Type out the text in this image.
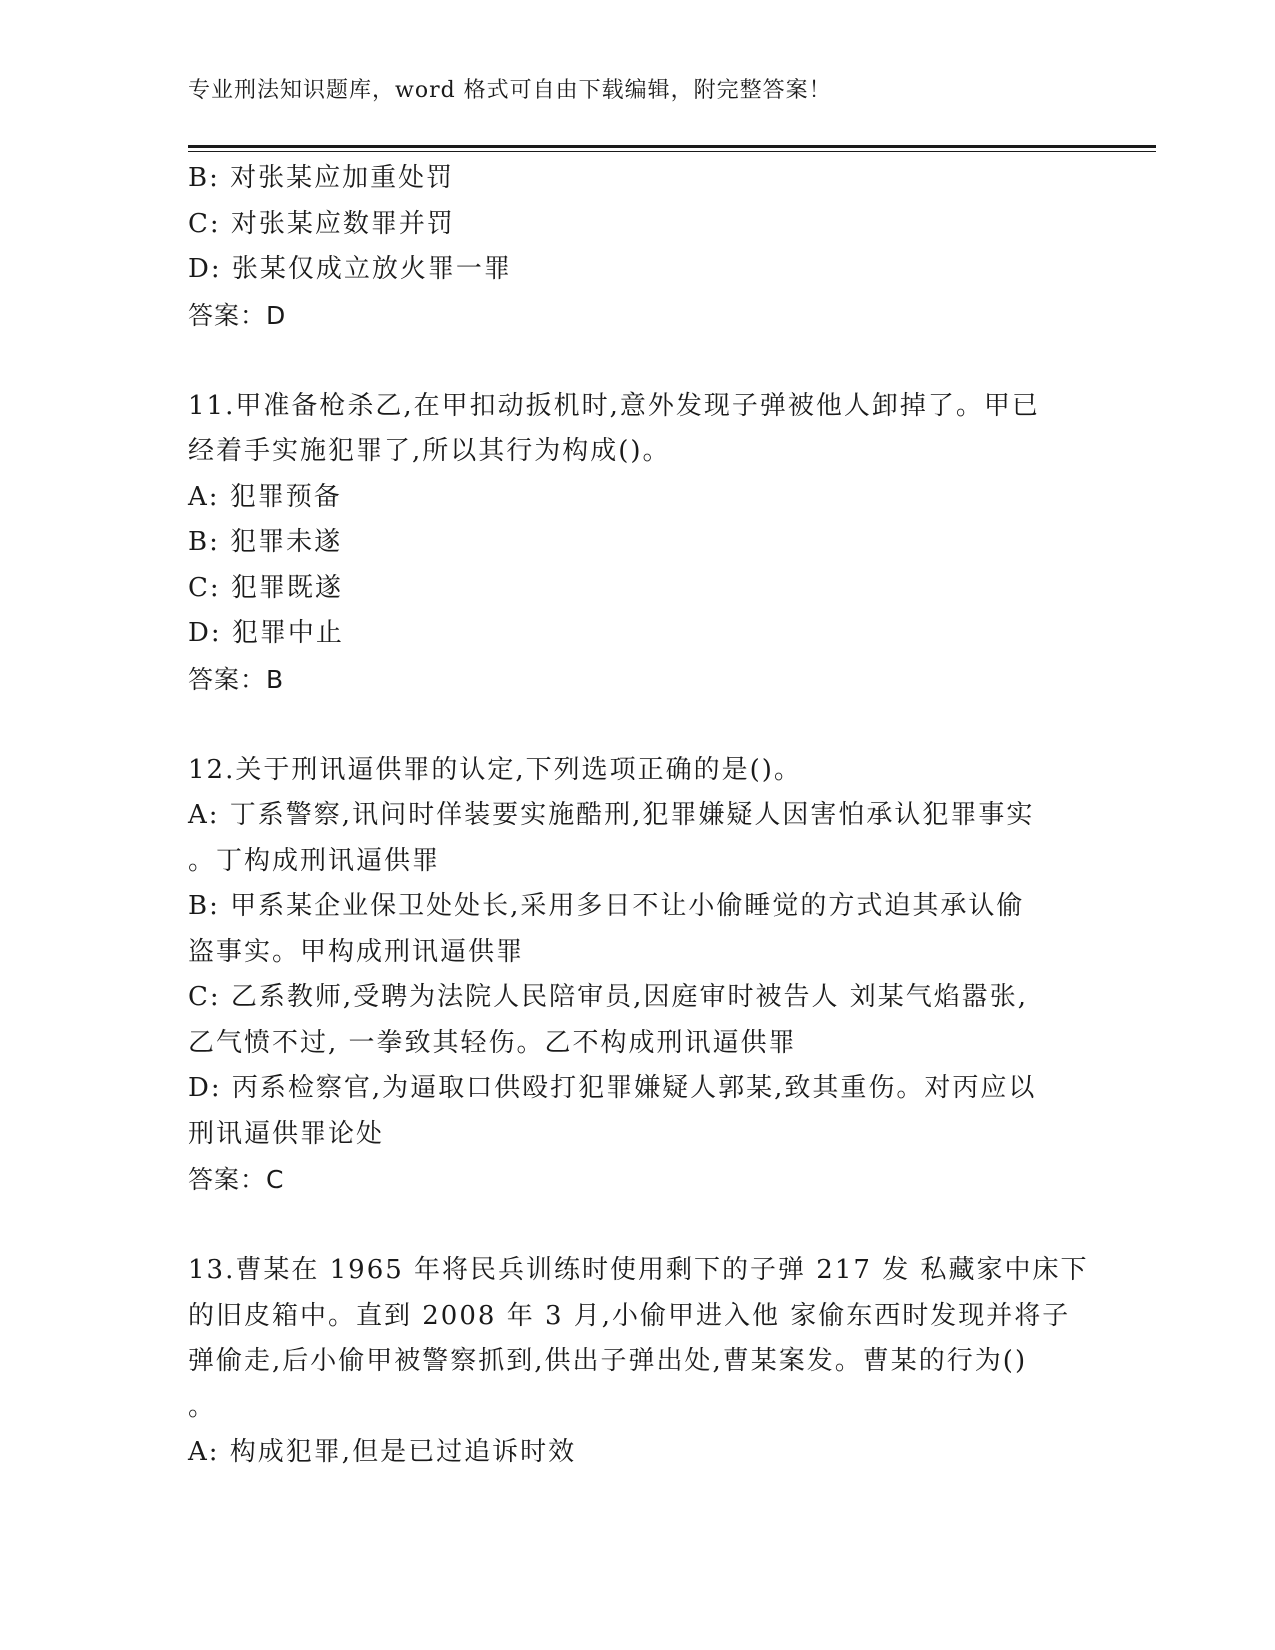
专业刑法知识题库，word 格式可自由下载编辑，附完整答案！
B: 对张某应加重处罚
C: 对张某应数罪并罚
D: 张某仅成立放火罪一罪
答案：D
11.甲准备枪杀乙,在甲扣动扳机时,意外发现子弹被他人卸掉了。甲已
经着手实施犯罪了,所以其行为构成()。
A: 犯罪预备
B: 犯罪未遂
C: 犯罪既遂
D: 犯罪中止
答案：B
12.关于刑讯逼供罪的认定,下列选项正确的是()。
A: 丁系警察,讯问时佯装要实施酷刑,犯罪嫌疑人因害怕承认犯罪事实
。丁构成刑讯逼供罪
B: 甲系某企业保卫处处长,采用多日不让小偷睡觉的方式迫其承认偷
盗事实。甲构成刑讯逼供罪
C: 乙系教师,受聘为法院人民陪审员,因庭审时被告人 刘某气焰嚣张,
乙气愤不过, 一拳致其轻伤。乙不构成刑讯逼供罪
D: 丙系检察官,为逼取口供殴打犯罪嫌疑人郭某,致其重伤。对丙应以
刑讯逼供罪论处
答案：C
13.曹某在 1965 年将民兵训练时使用剩下的子弹 217 发 私藏家中床下
的旧皮箱中。直到 2008 年 3 月,小偷甲进入他 家偷东西时发现并将子
弹偷走,后小偷甲被警察抓到,供出子弹出处,曹某案发。曹某的行为()
。
A: 构成犯罪,但是已过追诉时效
